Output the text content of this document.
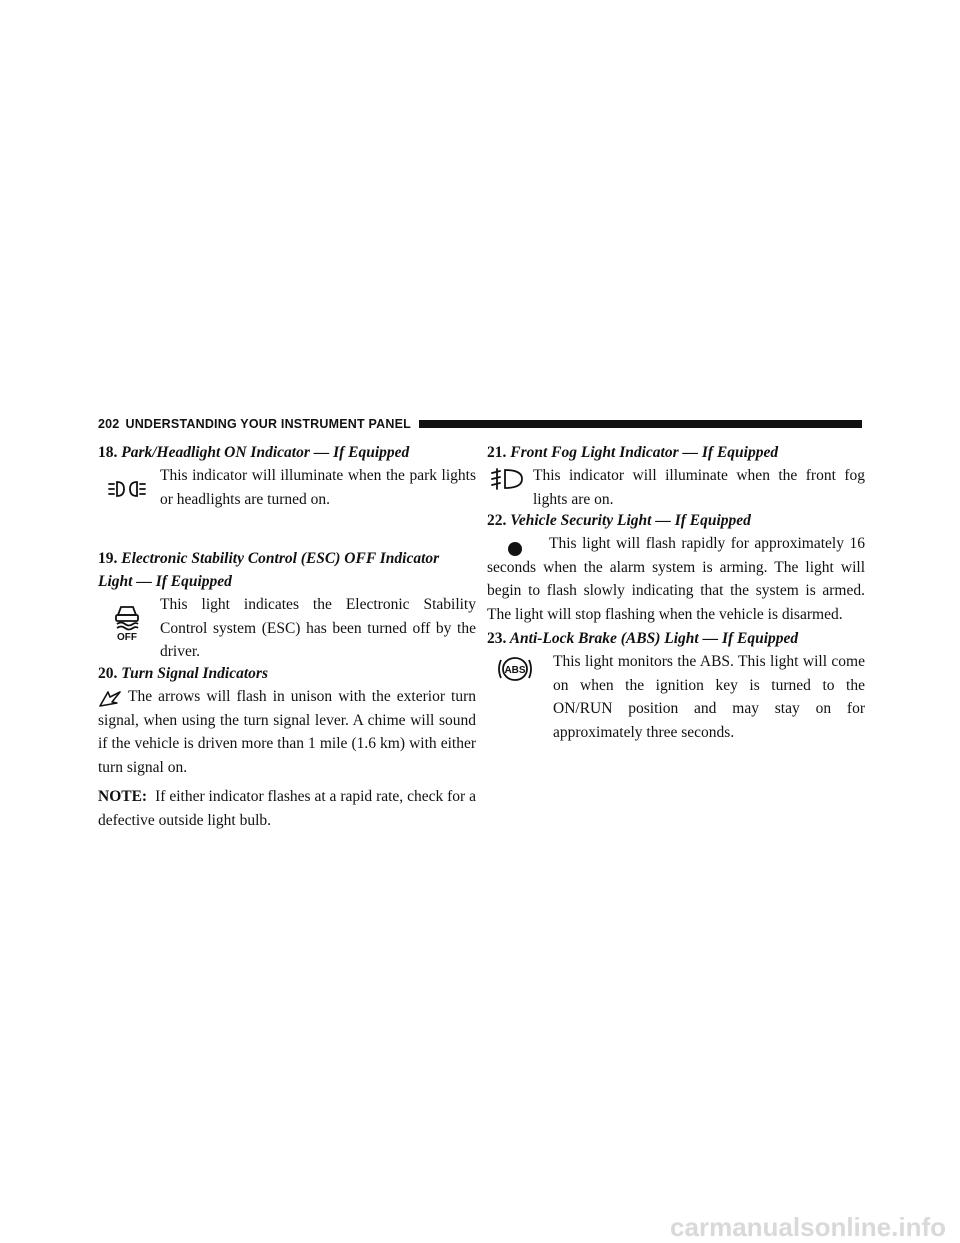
202 UNDERSTANDING YOUR INSTRUMENT PANEL
18. Park/Headlight ON Indicator — If Equipped

This indicator will illuminate when the park lights or headlights are turned on.

19. Electronic Stability Control (ESC) OFF Indicator
Light — If Equipped
OFF

This light indicates the Electronic Stability Control system (ESC) has been turned off by the driver.

20. Turn Signal Indicators

The arrows will flash in unison with the exterior turn signal, when using the turn signal lever. A chime will sound if the vehicle is driven more than 1 mile (1.6 km) with either turn signal on.

NOTE: If either indicator flashes at a rapid rate, check for a defective outside light bulb.

21. Front Fog Light Indicator — If Equipped

This indicator will illuminate when the front fog lights are on.

22. Vehicle Security Light — If Equipped

This light will flash rapidly for approximately 16 seconds when the alarm system is arming. The light will begin to flash slowly indicating that the system is armed. The light will stop flashing when the vehicle is disarmed.

23. Anti-Lock Brake (ABS) Light — If Equipped
ABS

This light monitors the ABS. This light will come on when the ignition key is turned to the ON/RUN position and may stay on for approximately three seconds.

carmanualsonline.info
